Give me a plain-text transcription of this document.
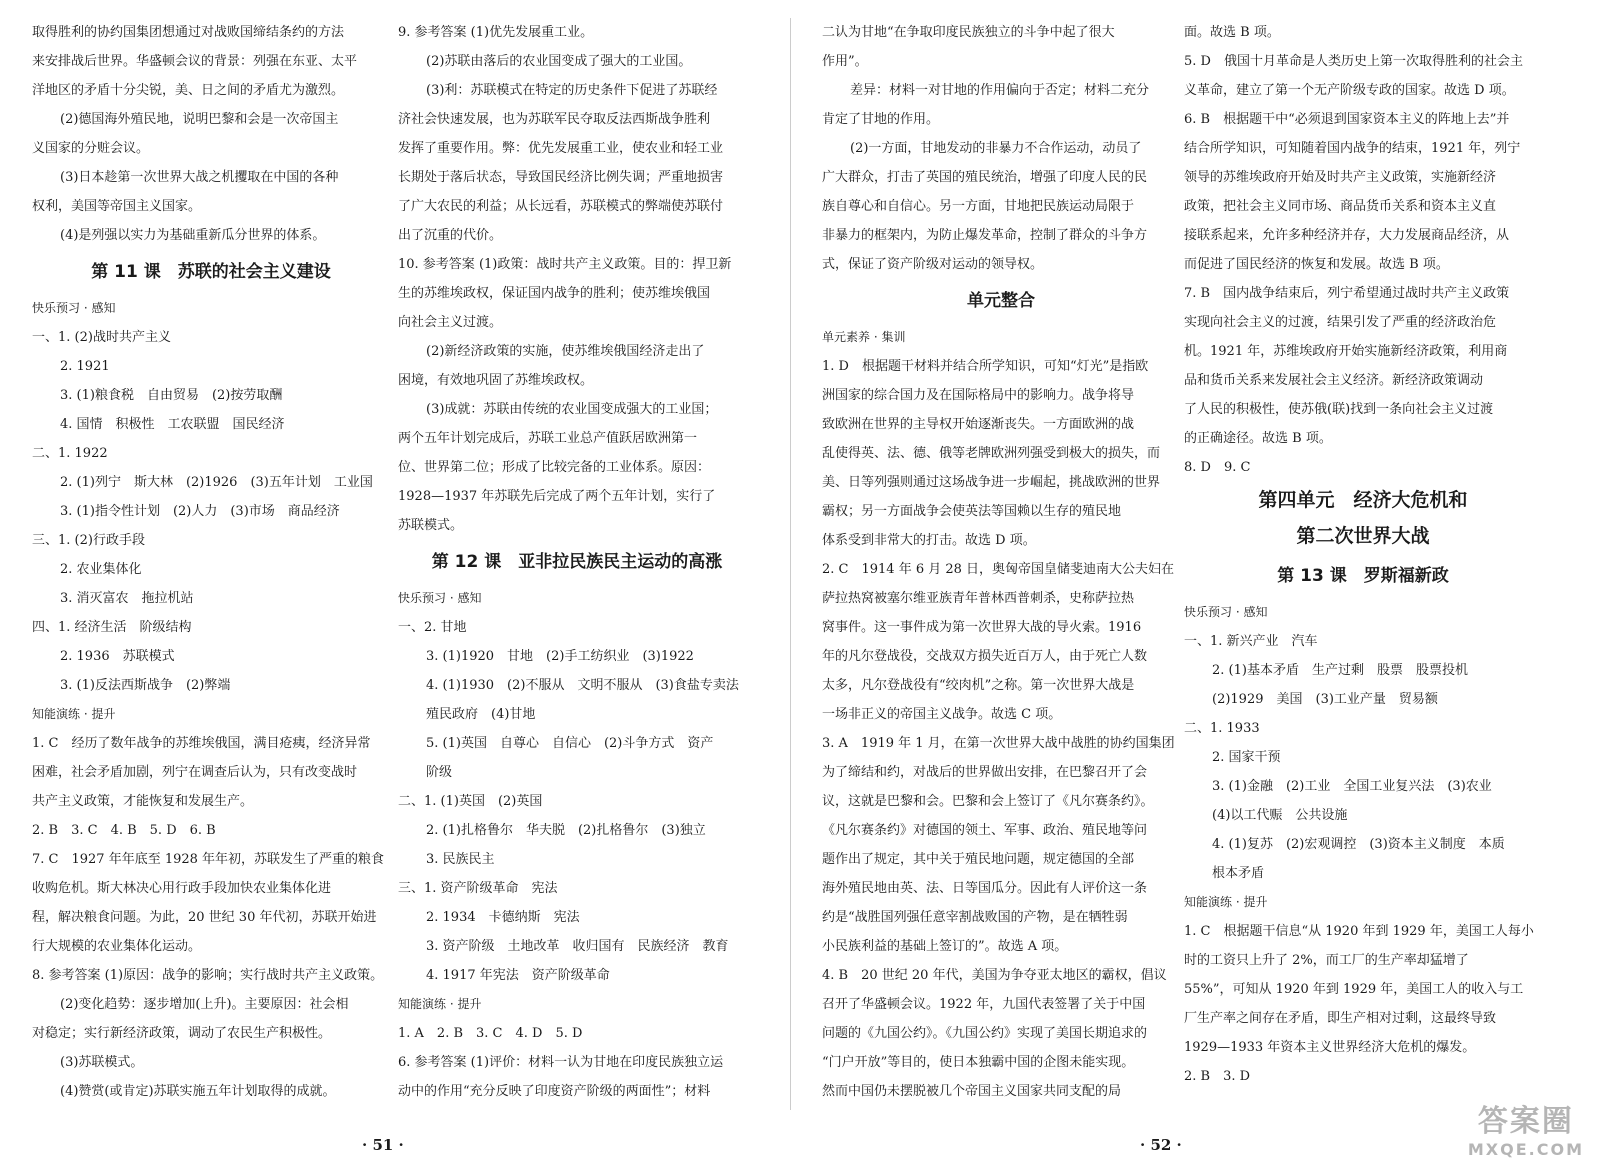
取得胜利的协约国集团想通过对战败国缔结条约的方法
来安排战后世界。华盛顿会议的背景：列强在东亚、太平
洋地区的矛盾十分尖锐，美、日之间的矛盾尤为激烈。
(2)德国海外殖民地，说明巴黎和会是一次帝国主
义国家的分赃会议。
(3)日本趁第一次世界大战之机攫取在中国的各种
权利，美国等帝国主义国家。
(4)是列强以实力为基础重新瓜分世界的体系。
第 11 课　苏联的社会主义建设
快乐预习 · 感知
一、1. (2)战时共产主义
2. 1921
3. (1)粮食税　自由贸易　(2)按劳取酬
4. 国情　积极性　工农联盟　国民经济
二、1. 1922
2. (1)列宁　斯大林　(2)1926　(3)五年计划　工业国
3. (1)指令性计划　(2)人力　(3)市场　商品经济
三、1. (2)行政手段
2. 农业集体化
3. 消灭富农　拖拉机站
四、1. 经济生活　阶级结构
2. 1936　苏联模式
3. (1)反法西斯战争　(2)弊端
知能演练 · 提升
1. C　经历了数年战争的苏维埃俄国，满目疮痍，经济异常
困难，社会矛盾加剧，列宁在调查后认为，只有改变战时
共产主义政策，才能恢复和发展生产。
2. B　3. C　4. B　5. D　6. B
7. C　1927 年年底至 1928 年年初，苏联发生了严重的粮食
收购危机。斯大林决心用行政手段加快农业集体化进
程，解决粮食问题。为此，20 世纪 30 年代初，苏联开始进
行大规模的农业集体化运动。
8. 参考答案 (1)原因：战争的影响；实行战时共产主义政策。
(2)变化趋势：逐步增加(上升)。主要原因：社会相
对稳定；实行新经济政策，调动了农民生产积极性。
(3)苏联模式。
(4)赞赏(或肯定)苏联实施五年计划取得的成就。
9. 参考答案 (1)优先发展重工业。
(2)苏联由落后的农业国变成了强大的工业国。
(3)利：苏联模式在特定的历史条件下促进了苏联经
济社会快速发展，也为苏联军民夺取反法西斯战争胜利
发挥了重要作用。弊：优先发展重工业，使农业和轻工业
长期处于落后状态，导致国民经济比例失调；严重地损害
了广大农民的利益；从长远看，苏联模式的弊端使苏联付
出了沉重的代价。
10. 参考答案 (1)政策：战时共产主义政策。目的：捍卫新
生的苏维埃政权，保证国内战争的胜利；使苏维埃俄国
向社会主义过渡。
(2)新经济政策的实施，使苏维埃俄国经济走出了
困境，有效地巩固了苏维埃政权。
(3)成就：苏联由传统的农业国变成强大的工业国；
两个五年计划完成后，苏联工业总产值跃居欧洲第一
位、世界第二位；形成了比较完备的工业体系。原因：
1928—1937 年苏联先后完成了两个五年计划，实行了
苏联模式。
第 12 课　亚非拉民族民主运动的高涨
快乐预习 · 感知
一、2. 甘地
3. (1)1920　甘地　(2)手工纺织业　(3)1922
4. (1)1930　(2)不服从　文明不服从　(3)食盐专卖法
殖民政府　(4)甘地
5. (1)英国　自尊心　自信心　(2)斗争方式　资产
阶级
二、1. (1)英国　(2)英国
2. (1)扎格鲁尔　华夫脱　(2)扎格鲁尔　(3)独立
3. 民族民主
三、1. 资产阶级革命　宪法
2. 1934　卡德纳斯　宪法
3. 资产阶级　土地改革　收归国有　民族经济　教育
4. 1917 年宪法　资产阶级革命
知能演练 · 提升
1. A　2. B　3. C　4. D　5. D
6. 参考答案 (1)评价：材料一认为甘地在印度民族独立运
动中的作用“充分反映了印度资产阶级的两面性”；材料
二认为甘地“在争取印度民族独立的斗争中起了很大
作用”。
差异：材料一对甘地的作用偏向于否定；材料二充分
肯定了甘地的作用。
(2)一方面，甘地发动的非暴力不合作运动，动员了
广大群众，打击了英国的殖民统治，增强了印度人民的民
族自尊心和自信心。另一方面，甘地把民族运动局限于
非暴力的框架内，为防止爆发革命，控制了群众的斗争方
式，保证了资产阶级对运动的领导权。
单元整合
单元素养 · 集训
1. D　根据题干材料并结合所学知识，可知“灯光”是指欧
洲国家的综合国力及在国际格局中的影响力。战争将导
致欧洲在世界的主导权开始逐渐丧失。一方面欧洲的战
乱使得英、法、德、俄等老牌欧洲列强受到极大的损失，而
美、日等列强则通过这场战争进一步崛起，挑战欧洲的世界
霸权；另一方面战争会使英法等国赖以生存的殖民地
体系受到非常大的打击。故选 D 项。
2. C　1914 年 6 月 28 日，奥匈帝国皇储斐迪南大公夫妇在
萨拉热窝被塞尔维亚族青年普林西普刺杀，史称萨拉热
窝事件。这一事件成为第一次世界大战的导火索。1916
年的凡尔登战役，交战双方损失近百万人，由于死亡人数
太多，凡尔登战役有“绞肉机”之称。第一次世界大战是
一场非正义的帝国主义战争。故选 C 项。
3. A　1919 年 1 月，在第一次世界大战中战胜的协约国集团
为了缔结和约，对战后的世界做出安排，在巴黎召开了会
议，这就是巴黎和会。巴黎和会上签订了《凡尔赛条约》。
《凡尔赛条约》对德国的领土、军事、政治、殖民地等问
题作出了规定，其中关于殖民地问题，规定德国的全部
海外殖民地由英、法、日等国瓜分。因此有人评价这一条
约是“战胜国列强任意宰割战败国的产物，是在牺牲弱
小民族利益的基础上签订的”。故选 A 项。
4. B　20 世纪 20 年代，美国为争夺亚太地区的霸权，倡议
召开了华盛顿会议。1922 年，九国代表签署了关于中国
问题的《九国公约》。《九国公约》实现了美国长期追求的
“门户开放”等目的，使日本独霸中国的企图未能实现。
然而中国仍未摆脱被几个帝国主义国家共同支配的局
面。故选 B 项。
5. D　俄国十月革命是人类历史上第一次取得胜利的社会主
义革命，建立了第一个无产阶级专政的国家。故选 D 项。
6. B　根据题干中“必须退到国家资本主义的阵地上去”并
结合所学知识，可知随着国内战争的结束，1921 年，列宁
领导的苏维埃政府开始及时共产主义政策，实施新经济
政策，把社会主义同市场、商品货币关系和资本主义直
接联系起来，允许多种经济并存，大力发展商品经济，从
而促进了国民经济的恢复和发展。故选 B 项。
7. B　国内战争结束后，列宁希望通过战时共产主义政策
实现向社会主义的过渡，结果引发了严重的经济政治危
机。1921 年，苏维埃政府开始实施新经济政策，利用商
品和货币关系来发展社会主义经济。新经济政策调动
了人民的积极性，使苏俄(联)找到一条向社会主义过渡
的正确途径。故选 B 项。
8. D　9. C
第四单元　经济大危机和
第二次世界大战
第 13 课　罗斯福新政
快乐预习 · 感知
一、1. 新兴产业　汽车
2. (1)基本矛盾　生产过剩　股票　股票投机
(2)1929　美国　(3)工业产量　贸易额
二、1. 1933
2. 国家干预
3. (1)金融　(2)工业　全国工业复兴法　(3)农业
(4)以工代赈　公共设施
4. (1)复苏　(2)宏观调控　(3)资本主义制度　本质
根本矛盾
知能演练 · 提升
1. C　根据题干信息“从 1920 年到 1929 年，美国工人每小
时的工资只上升了 2%，而工厂的生产率却猛增了
55%”，可知从 1920 年到 1929 年，美国工人的收入与工
厂生产率之间存在矛盾，即生产相对过剩，这最终导致
1929—1933 年资本主义世界经济大危机的爆发。
2. B　3. D
· 51 ·	· 52 ·
答案圈
MXQE.COM
